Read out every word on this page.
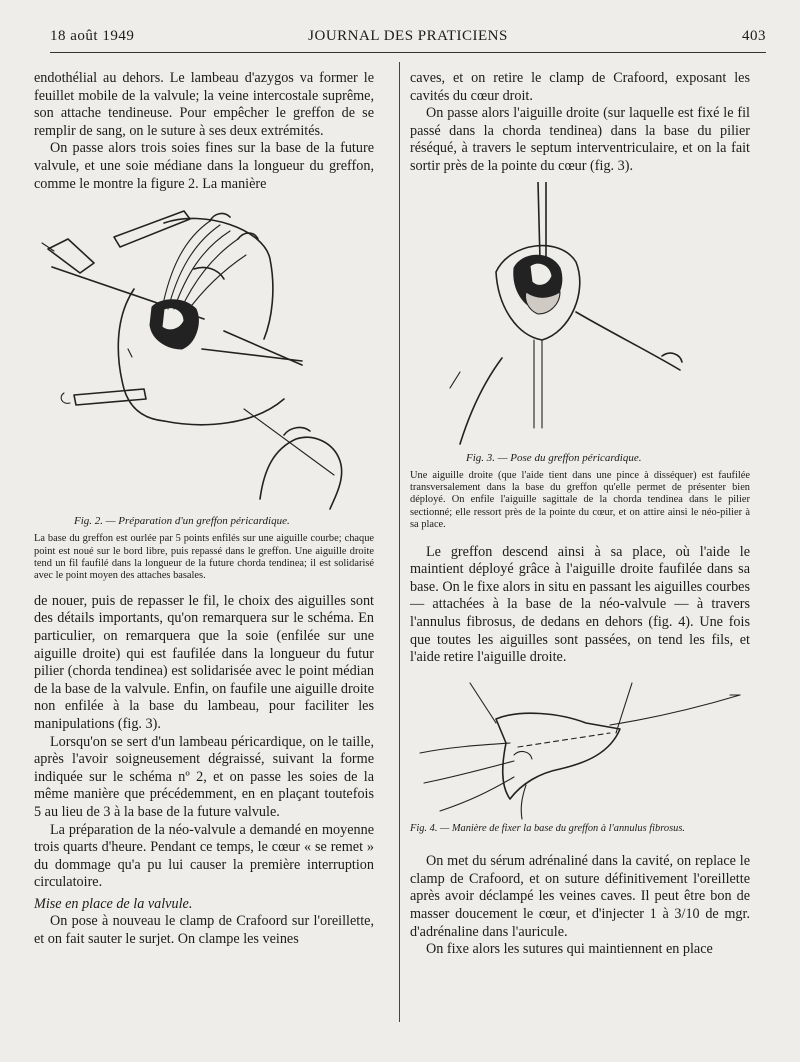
18 août 1949	JOURNAL DES PRATICIENS	403

endothélial au dehors. Le lambeau d'azygos va former le feuillet mobile de la valvule; la veine intercostale suprême, son attache tendineuse. Pour empêcher le greffon de se remplir de sang, on le suture à ses deux extrémités.

On passe alors trois soies fines sur la base de la future valvule, et une soie médiane dans la longueur du greffon, comme le montre la figure 2. La manière

Fig. 2. — Préparation d'un greffon péricardique.

La base du greffon est ourlée par 5 points enfilés sur une aiguille courbe; chaque point est noué sur le bord libre, puis repassé dans le greffon. Une aiguille droite tend un fil faufilé dans la longueur de la future chorda tendinea; il est solidarisé avec le point moyen des attaches basales.

de nouer, puis de repasser le fil, le choix des aiguilles sont des détails importants, qu'on remarquera sur le schéma. En particulier, on remarquera que la soie (enfilée sur une aiguille droite) qui est faufilée dans la longueur du futur pilier (chorda tendinea) est solidarisée avec le point médian de la base de la valvule. Enfin, on faufile une aiguille droite non enfilée à la base du lambeau, pour faciliter les manipulations (fig. 3).

Lorsqu'on se sert d'un lambeau péricardique, on le taille, après l'avoir soigneusement dégraissé, suivant la forme indiquée sur le schéma nº 2, et on passe les soies de la même manière que précédemment, en en plaçant toutefois 5 au lieu de 3 à la base de la future valvule.

La préparation de la néo-valvule a demandé en moyenne trois quarts d'heure. Pendant ce temps, le cœur « se remet » du dommage qu'a pu lui causer la première interruption circulatoire.

Mise en place de la valvule.

On pose à nouveau le clamp de Crafoord sur l'oreillette, et on fait sauter le surjet. On clampe les veines

caves, et on retire le clamp de Crafoord, exposant les cavités du cœur droit.

On passe alors l'aiguille droite (sur laquelle est fixé le fil passé dans la chorda tendinea) dans la base du pilier réséqué, à travers le septum interventriculaire, et on la fait sortir près de la pointe du cœur (fig. 3).

Fig. 3. — Pose du greffon péricardique.

Une aiguille droite (que l'aide tient dans une pince à disséquer) est faufilée transversalement dans la base du greffon qu'elle permet de présenter bien déployé. On enfile l'aiguille sagittale de la chorda tendinea dans le pilier sectionné; elle ressort près de la pointe du cœur, et on attire ainsi le néo-pilier à sa place.

Le greffon descend ainsi à sa place, où l'aide le maintient déployé grâce à l'aiguille droite faufilée dans sa base. On le fixe alors in situ en passant les aiguilles courbes — attachées à la base de la néo-valvule — à travers l'annulus fibrosus, de dedans en dehors (fig. 4). Une fois que toutes les aiguilles sont passées, on tend les fils, et l'aide retire l'aiguille droite.

Fig. 4. — Manière de fixer la base du greffon à l'annulus fibrosus.

On met du sérum adrénaliné dans la cavité, on replace le clamp de Crafoord, et on suture définitivement l'oreillette après avoir déclampé les veines caves. Il peut être bon de masser doucement le cœur, et d'injecter 1 à 3/10 de mgr. d'adrénaline dans l'auricule.

On fixe alors les sutures qui maintiennent en place
